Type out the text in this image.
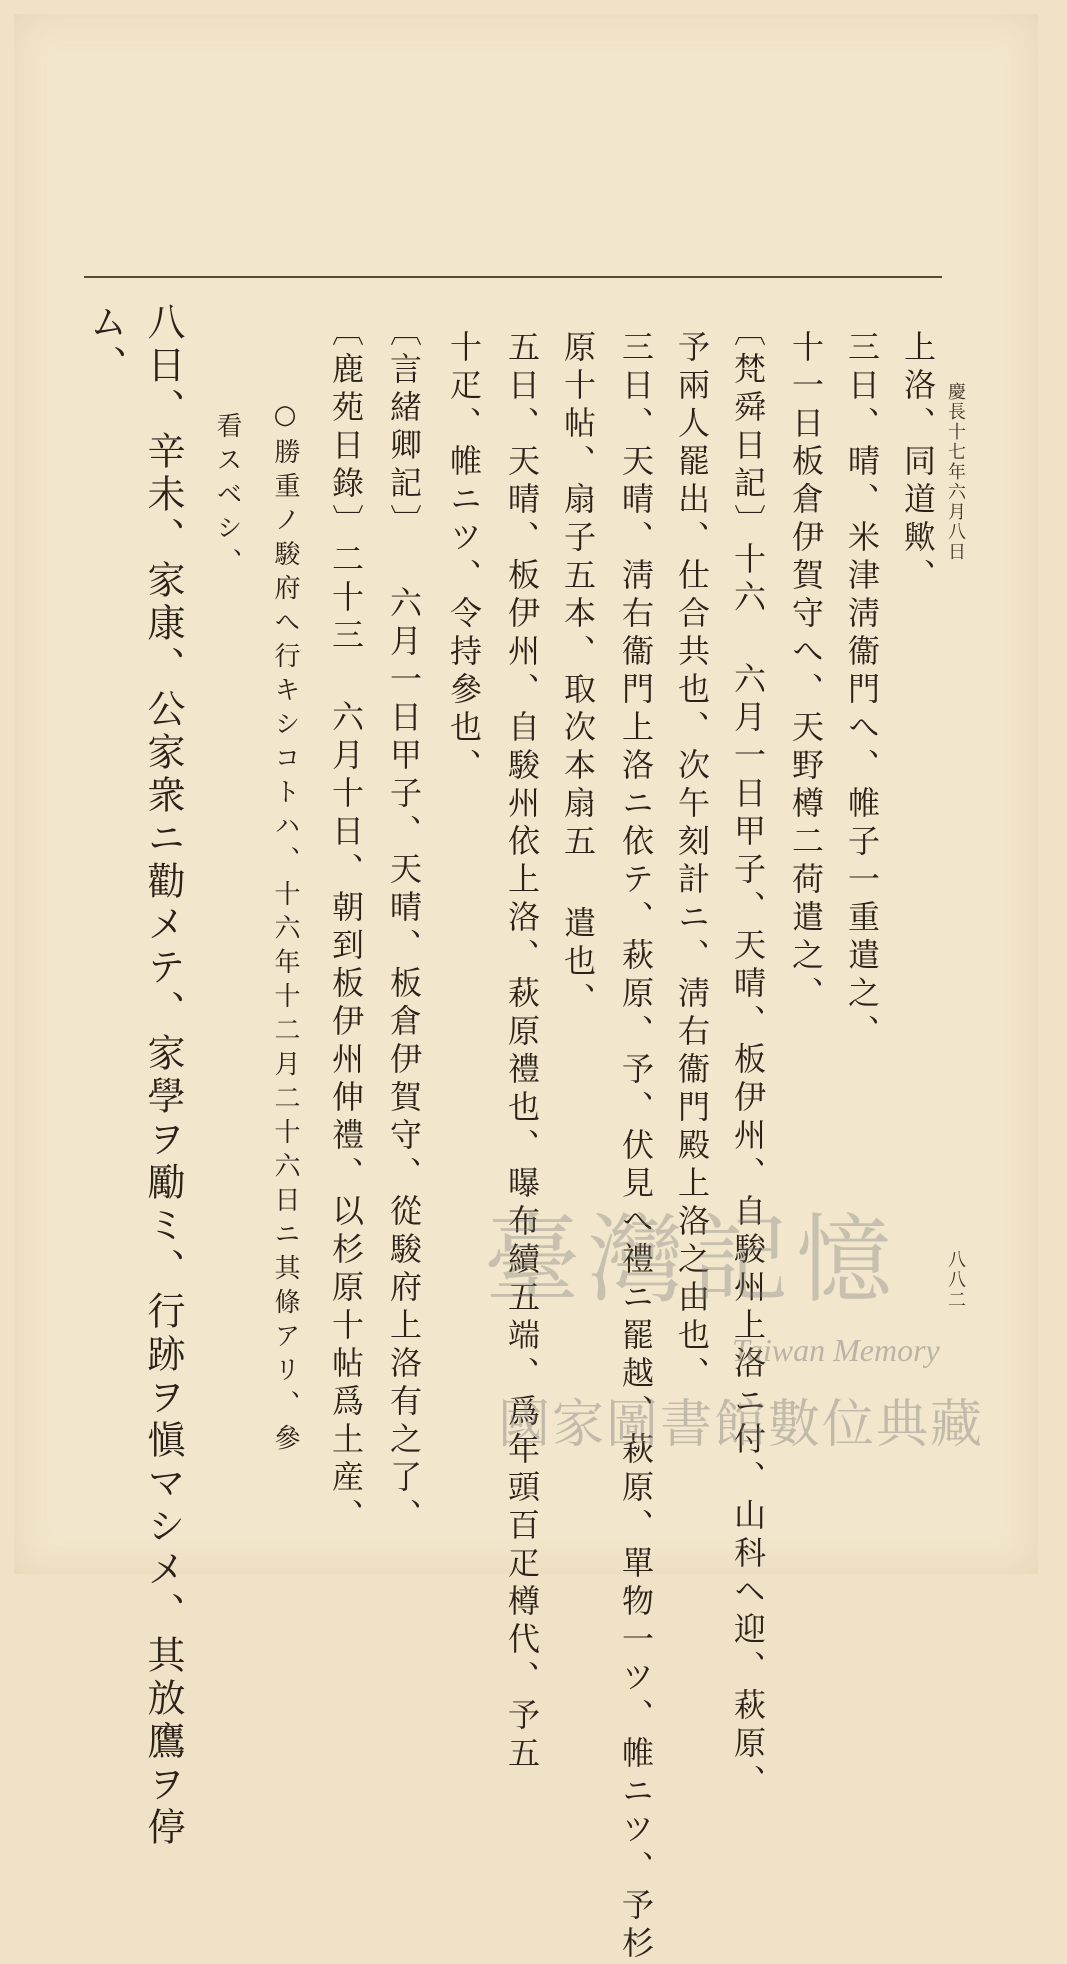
慶長十七年六月八日
八八二
上洛、同道歟、
三日、晴、米津淸衞門へ、帷子一重遣之、
十一日板倉伊賀守へ、天野樽二荷遣之、
〔梵舜日記〕十六 六月一日甲子、天晴、板伊州、自駿州上洛ニ付、山科ヘ迎、萩原、
予兩人罷出、仕合共也、次午刻計ニ、淸右衞門殿上洛之由也、
三日、天晴、淸右衞門上洛ニ依テ、萩原、予、伏見へ禮ニ罷越、萩原、單物一ツ、帷ニツ、予杉
原十帖、扇子五本、取次本扇五 遣也、
五日、天晴、板伊州、自駿州依上洛、萩原禮也、曝布續五端、爲年頭百疋樽代、予五
十疋、帷ニツ、令持參也、
〔言緒卿記〕 六月一日甲子、天晴、板倉伊賀守、從駿府上洛有之了、
〔鹿苑日錄〕二十三 六月十日、朝到板伊州伸禮、以杉原十帖爲土産、
○勝重ノ駿府へ行キシコトハ、十六年十二月二十六日ニ其條アリ、參
看スベシ、
八日、辛未、家康、公家衆ニ勸メテ、家學ヲ勵ミ、行跡ヲ愼マシメ、其放鷹ヲ停
ム、
臺灣記憶
Taiwan Memory
國家圖書館數位典藏
